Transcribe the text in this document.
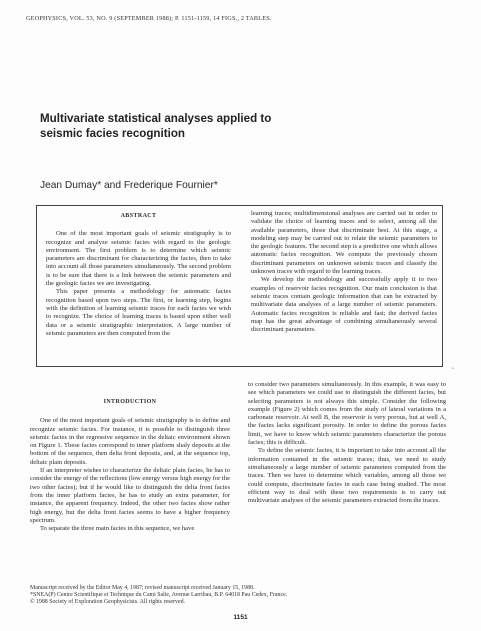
GEOPHYSICS, VOL. 53, NO. 9 (SEPTEMBER 1988); P. 1151-1159, 14 FIGS., 2 TABLES.
Multivariate statistical analyses applied to
seismic facies recognition
Jean Dumay* and Frederique Fournier*
ABSTRACT

One of the most important goals of seismic stratigraphy is to recognize and analyze seismic facies with regard to the geologic environment. The first problem is to determine which seismic parameters are discriminant for characterizing the facies, then to take into account all those parameters simultaneously. The second problem is to be sure that there is a link between the seismic parameters and the geologic facies we are investigating.

This paper presents a methodology for automatic facies recognition based upon two steps. The first, or learning step, begins with the definition of learning seismic traces for each facies we wish to recognize. The choice of learning traces is based upon either well data or a seismic stratigraphic interpretation. A large number of seismic parameters are then computed from the

learning traces; multidimensional analyses are carried out in order to validate the choice of learning traces and to select, among all the available parameters, those that discriminate best. At this stage, a modeling step may be carried out to relate the seismic parameters to the geologic features. The second step is a predictive one which allows automatic facies recognition. We compute the previously chosen discriminant parameters on unknown seismic traces and classify the unknown traces with regard to the learning traces.

We develop the methodology and successfully apply it to two examples of reservoir facies recognition. Our main conclusion is that seismic traces contain geologic information that can be extracted by multivariate data analyses of a large number of seismic parameters. Automatic facies recognition is reliable and fast; the derived facies map has the great advantage of combining simultaneously several discriminant parameters.

•
INTRODUCTION

One of the most important goals of seismic stratigraphy is to define and recognize seismic facies. For instance, it is possible to distinguish three seismic facies in the regressive sequence in the deltaic environment shown on Figure 1. These facies correspond to inner platform shaly deposits at the bottom of the sequence, then delta front deposits, and, at the sequence top, deltaic plain deposits.

If an interpreter wishes to characterize the deltaic plain facies, he has to consider the energy of the reflections (low energy versus high energy for the two other facies); but if he would like to distinguish the delta front facies from the inner platform facies, he has to study an extra parameter, for instance, the apparent frequency. Indeed, the other two facies show rather high energy, but the delta front facies seems to have a higher frequency spectrum.

To separate the three main facies in this sequence, we have

to consider two parameters simultaneously. In this example, it was easy to see which parameters we could use to distinguish the different facies, but selecting parameters is not always this simple. Consider the following example (Figure 2) which comes from the study of lateral variations in a carbonate reservoir. At well B, the reservoir is very porous, but at well A, the facies lacks significant porosity. In order to define the porous facies limit, we have to know which seismic parameters characterize the porous facies; this is difficult.

To define the seismic facies, it is important to take into account all the information contained in the seismic traces; thus, we need to study simultaneously a large number of seismic parameters computed from the traces. Then we have to determine which variables, among all those we could compute, discriminate facies in each case being studied. The most efficient way to deal with these two requirements is to carry out multivariate analyses of the seismic parameters extracted from the traces.

Manuscript received by the Editor May 4, 1987; revised manuscript received January 15, 1988.
*SNEA(P) Centre Scientifique et Technique du Cami Salie, Avenue Larribau, B.P. 64018 Pau Cedex, France.
© 1988 Society of Exploration Geophysicists. All rights reserved.
1151
